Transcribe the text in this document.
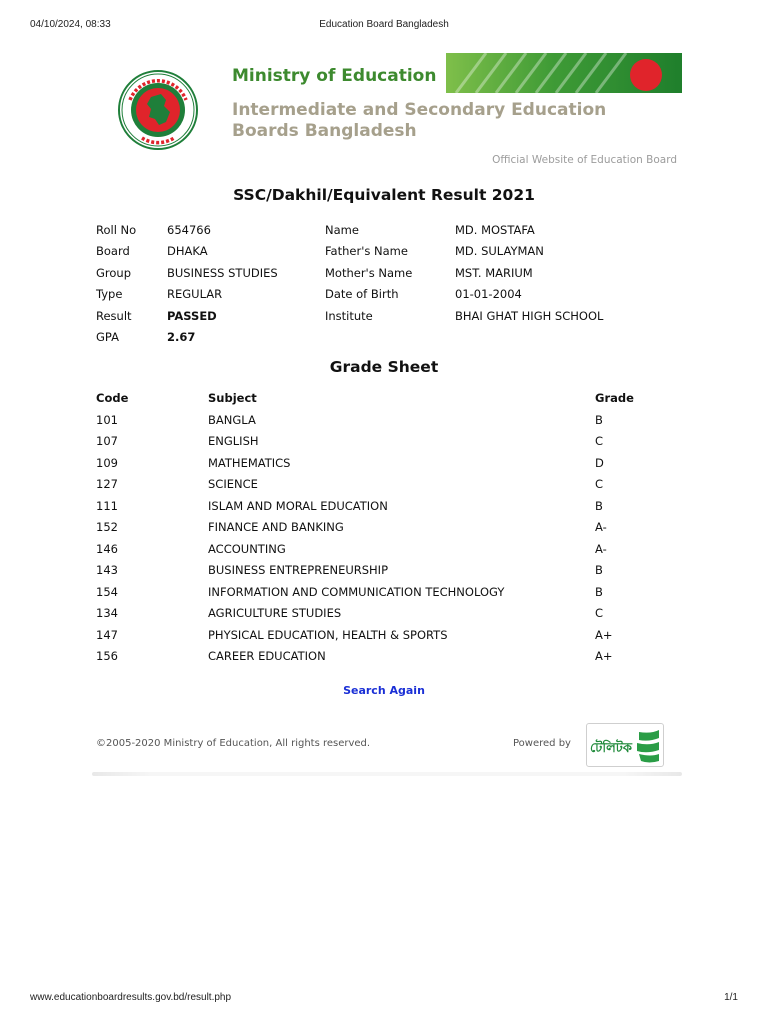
04/10/2024, 08:33	Education Board Bangladesh
Ministry of Education
Intermediate and Secondary Education Boards Bangladesh
Official Website of Education Board
SSC/Dakhil/Equivalent Result 2021
Roll No	654766	Name	MD. MOSTAFA
Board	DHAKA	Father's Name	MD. SULAYMAN
Group	BUSINESS STUDIES	Mother's Name	MST. MARIUM
Type	REGULAR	Date of Birth	01-01-2004
Result	PASSED	Institute	BHAI GHAT HIGH SCHOOL
GPA	2.67
Grade Sheet
Code	Subject	Grade
101	BANGLA	B
107	ENGLISH	C
109	MATHEMATICS	D
127	SCIENCE	C
111	ISLAM AND MORAL EDUCATION	B
152	FINANCE AND BANKING	A-
146	ACCOUNTING	A-
143	BUSINESS ENTREPRENEURSHIP	B
154	INFORMATION AND COMMUNICATION TECHNOLOGY	B
134	AGRICULTURE STUDIES	C
147	PHYSICAL EDUCATION, HEALTH & SPORTS	A+
156	CAREER EDUCATION	A+
Search Again
©2005-2020 Ministry of Education, All rights reserved.	Powered by টেলিটক
www.educationboardresults.gov.bd/result.php	1/1
